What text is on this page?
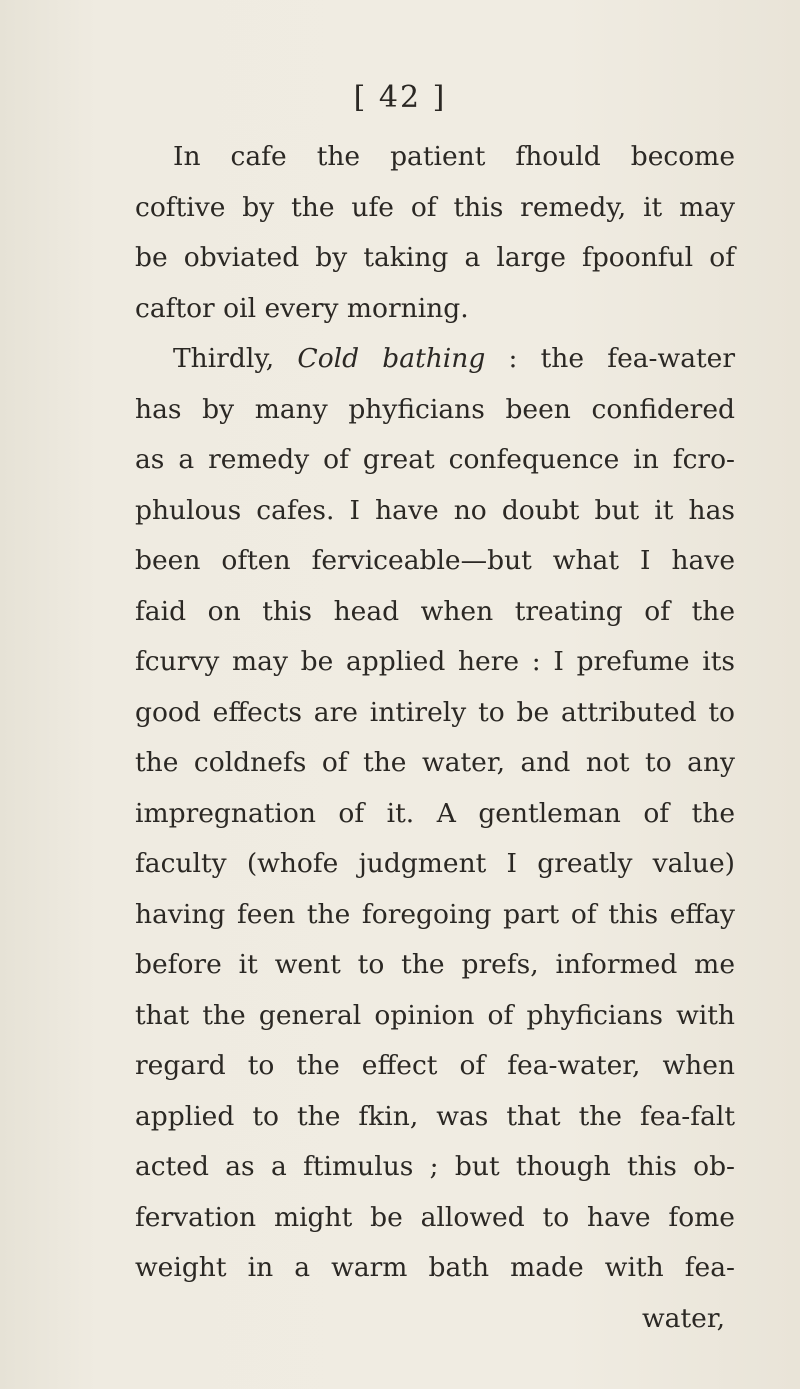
[ 42 ]
In cafe the patient fhould become
coftive by the ufe of this remedy, it may
be obviated by taking a large fpoonful of
caftor oil every morning.
Thirdly, Cold bathing : the fea-water
has by many phyficians been confidered
as a remedy of great confequence in fcro-
phulous cafes. I have no doubt but it has
been often ferviceable—but what I have
faid on this head when treating of the
fcurvy may be applied here : I prefume its
good effects are intirely to be attributed to
the coldnefs of the water, and not to any
impregnation of it. A gentleman of the
faculty (whofe judgment I greatly value)
having feen the foregoing part of this effay
before it went to the prefs, informed me
that the general opinion of phyficians with
regard to the effect of fea-water, when
applied to the fkin, was that the fea-falt
acted as a ftimulus ; but though this ob-
fervation might be allowed to have fome
weight in a warm bath made with fea-
water,
